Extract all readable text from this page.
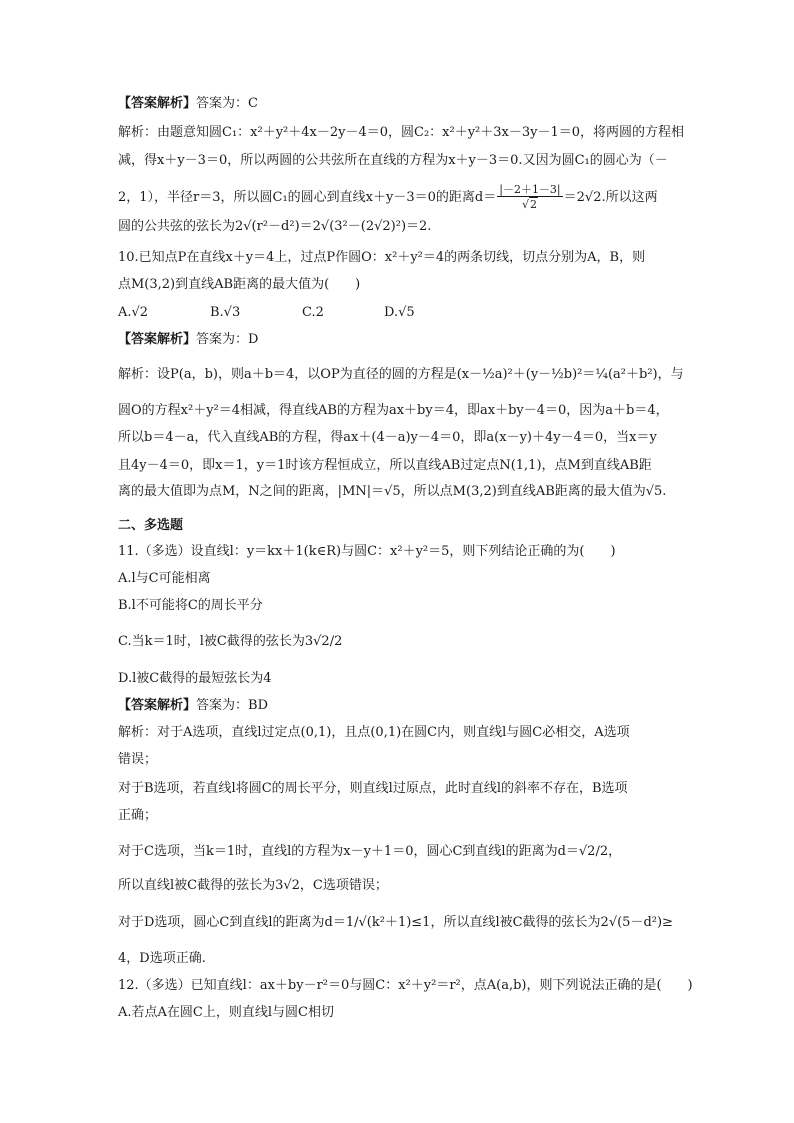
【答案解析】答案为：C
解析：由题意知圆C₁：x²＋y²＋4x－2y－4＝0，圆C₂：x²＋y²＋3x－3y－1＝0，将两圆的方程相
减，得x＋y－3＝0，所以两圆的公共弦所在直线的方程为x＋y－3＝0.又因为圆C₁的圆心为（－
2，1），半径r＝3，所以圆C₁的圆心到直线x＋y－3＝0的距离$d= \frac{|-2+1-3|}{√2} =2√2$.所以这两
圆的公共弦的弦长为2√(r²－d²)＝2√(3²－(2√2)²)＝2.
10.已知点P在直线x＋y＝4上，过点P作圆O：x²＋y²＝4的两条切线，切点分别为A，B，则
点M(3,2)到直线AB距离的最大值为(　　)
A.√2	B.√3	C.2	D.√5
【答案解析】答案为：D
解析：设P(a，b)，则a＋b＝4，以OP为直径的圆的方程是(x－½a)²＋(y－½b)²＝¼(a²＋b²)，与
圆O的方程x²＋y²＝4相减，得直线AB的方程为ax＋by＝4，即ax＋by－4＝0，因为a＋b＝4，
所以b＝4－a，代入直线AB的方程，得ax＋(4－a)y－4＝0，即a(x－y)＋4y－4＝0，当x＝y
且4y－4＝0，即x＝1，y＝1时该方程恒成立，所以直线AB过定点N(1,1)，点M到直线AB距
离的最大值即为点M，N之间的距离，|MN|＝√5，所以点M(3,2)到直线AB距离的最大值为√5.
二、多选题
11.（多选）设直线l：y＝kx＋1(k∈R)与圆C：x²＋y²＝5，则下列结论正确的为(　　)
A.l与C可能相离
B.l不可能将C的周长平分
C.当k＝1时，l被C截得的弦长为3√2/2
D.l被C截得的最短弦长为4
【答案解析】答案为：BD
解析：对于A选项，直线l过定点(0,1)，且点(0,1)在圆C内，则直线l与圆C必相交，A选项
错误；
对于B选项，若直线l将圆C的周长平分，则直线l过原点，此时直线l的斜率不存在，B选项
正确；
对于C选项，当k＝1时，直线l的方程为x－y＋1＝0，圆心C到直线l的距离为d＝√2/2，
所以直线l被C截得的弦长为3√2，C选项错误；
对于D选项，圆心C到直线l的距离为d＝1/√(k²＋1)≤1，所以直线l被C截得的弦长为2√(5－d²)≥
4，D选项正确.
12.（多选）已知直线l：ax＋by－r²＝0与圆C：x²＋y²＝r²，点A(a,b)，则下列说法正确的是(　　)
A.若点A在圆C上，则直线l与圆C相切
